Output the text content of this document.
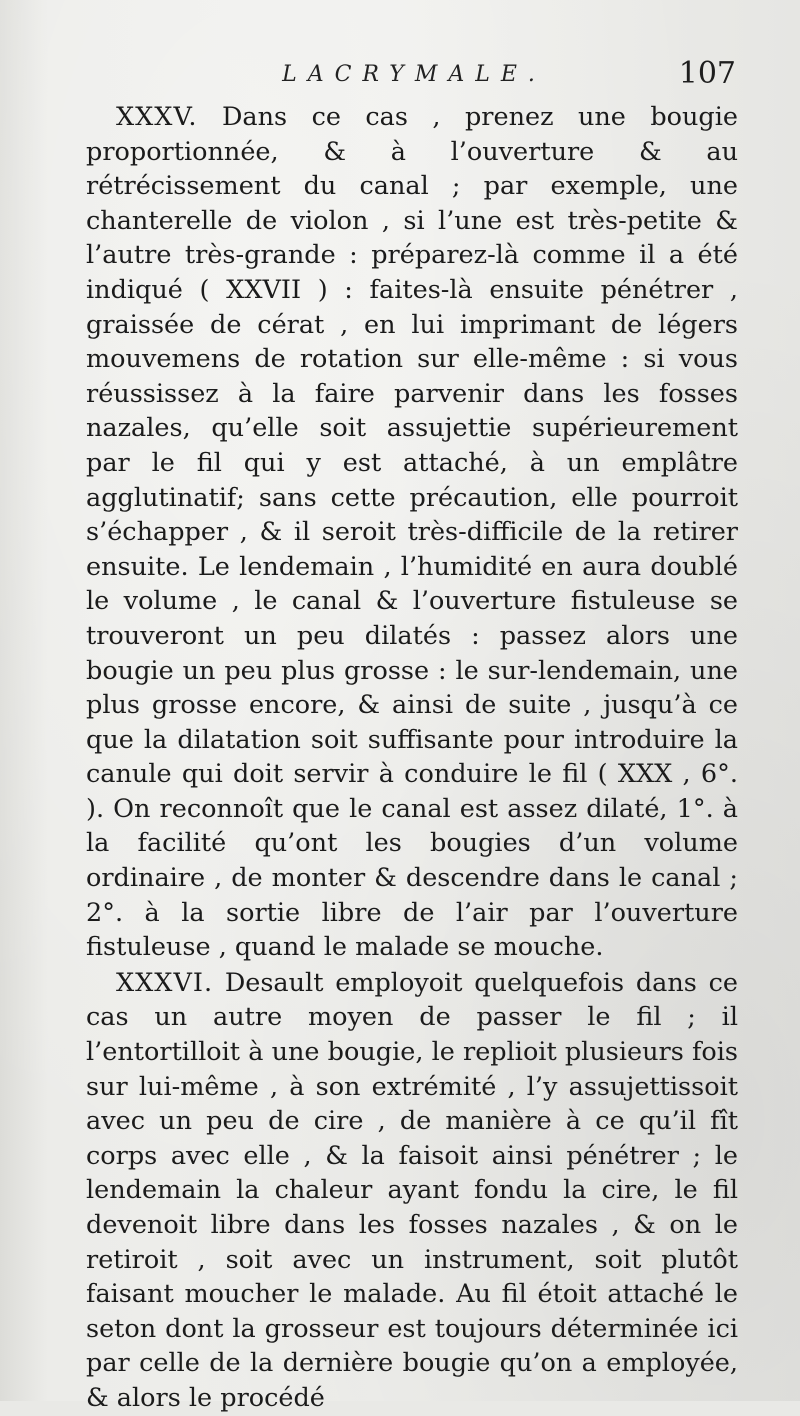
LACRYMALE.	107

XXXV. Dans ce cas , prenez une bougie proportionnée, & à l’ouverture & au rétrécissement du canal ; par exemple, une chanterelle de violon , si l’une est très-petite & l’autre très-grande : préparez-là comme il a été indiqué ( XXVII ) : faites-là ensuite pénétrer , graissée de cérat , en lui imprimant de légers mouvemens de rotation sur elle-même : si vous réussissez à la faire parvenir dans les fosses nazales, qu’elle soit assujettie supérieurement par le fil qui y est attaché, à un emplâtre agglutinatif; sans cette précaution, elle pourroit s’échapper , & il seroit très-difficile de la retirer ensuite. Le lendemain , l’humidité en aura doublé le volume , le canal & l’ouverture fistuleuse se trouveront un peu dilatés : passez alors une bougie un peu plus grosse : le sur-lendemain, une plus grosse encore, & ainsi de suite , jusqu’à ce que la dilatation soit suffisante pour introduire la canule qui doit servir à conduire le fil ( XXX , 6°. ). On reconnoît que le canal est assez dilaté, 1°. à la facilité qu’ont les bougies d’un volume ordinaire , de monter & descendre dans le canal ; 2°. à la sortie libre de l’air par l’ouverture fistuleuse , quand le malade se mouche.

XXXVI. Desault employoit quelquefois dans ce cas un autre moyen de passer le fil ; il l’entortilloit à une bougie, le replioit plusieurs fois sur lui-même , à son extrémité , l’y assujettissoit avec un peu de cire , de manière à ce qu’il fît corps avec elle , & la faisoit ainsi pénétrer ; le lendemain la chaleur ayant fondu la cire, le fil devenoit libre dans les fosses nazales , & on le retiroit , soit avec un instrument, soit plutôt faisant moucher le malade. Au fil étoit attaché le seton dont la grosseur est toujours déterminée ici par celle de la dernière bougie qu’on a employée, & alors le procédé
